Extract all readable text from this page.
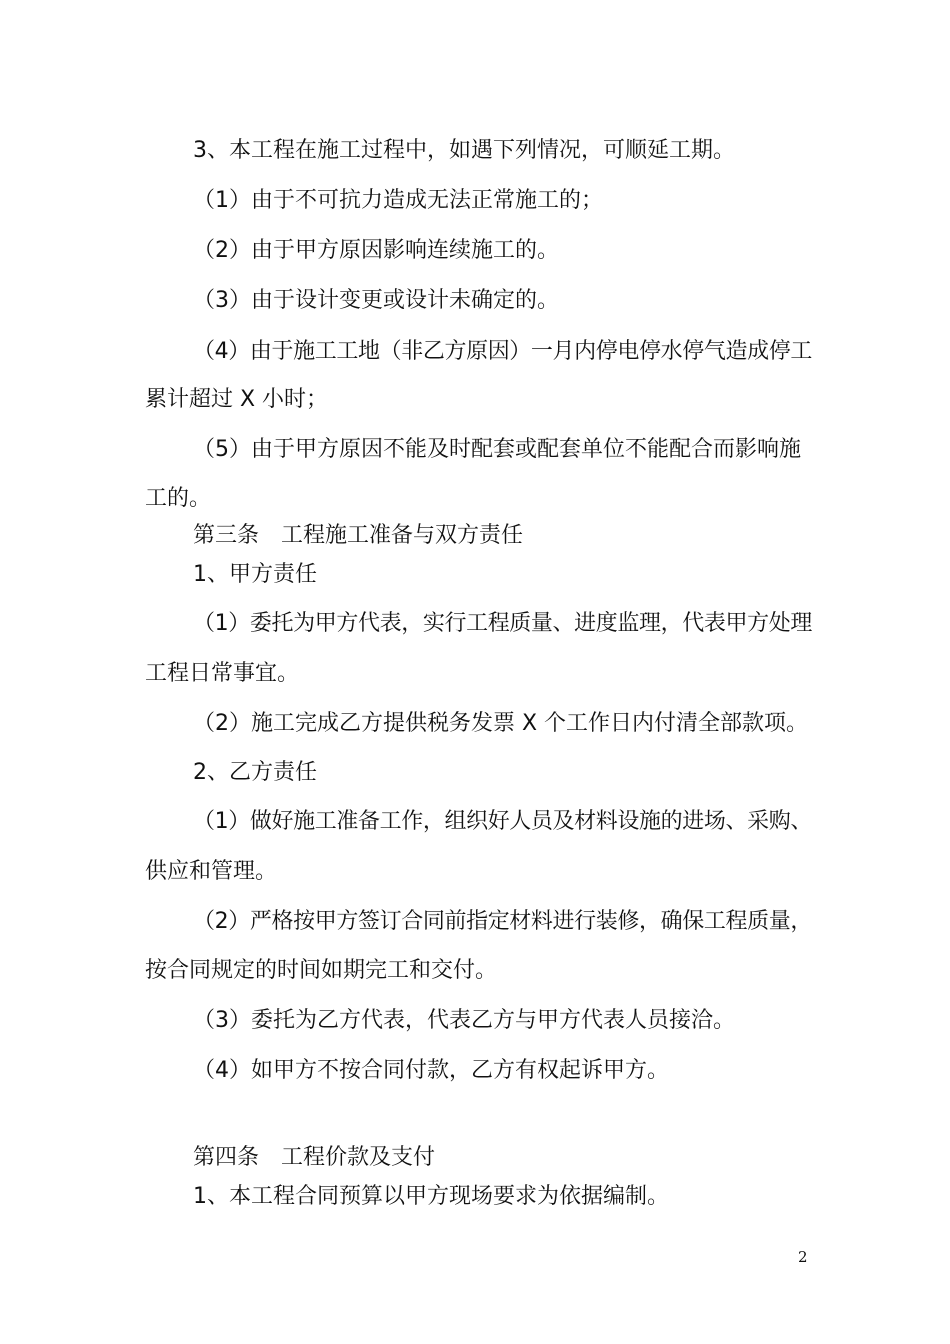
3、本工程在施工过程中，如遇下列情况，可顺延工期。
（1）由于不可抗力造成无法正常施工的；
（2）由于甲方原因影响连续施工的。
（3）由于设计变更或设计未确定的。
（4）由于施工工地（非乙方原因）一月内停电停水停气造成停工
累计超过 X 小时；
（5）由于甲方原因不能及时配套或配套单位不能配合而影响施
工的。
第三条　工程施工准备与双方责任
1、甲方责任
（1）委托为甲方代表，实行工程质量、进度监理，代表甲方处理
工程日常事宜。
（2）施工完成乙方提供税务发票 X 个工作日内付清全部款项。
2、乙方责任
（1）做好施工准备工作，组织好人员及材料设施的进场、采购、
供应和管理。
（2）严格按甲方签订合同前指定材料进行装修，确保工程质量，
按合同规定的时间如期完工和交付。
（3）委托为乙方代表，代表乙方与甲方代表人员接洽。
（4）如甲方不按合同付款，乙方有权起诉甲方。
第四条　工程价款及支付
1、本工程合同预算以甲方现场要求为依据编制。
2
